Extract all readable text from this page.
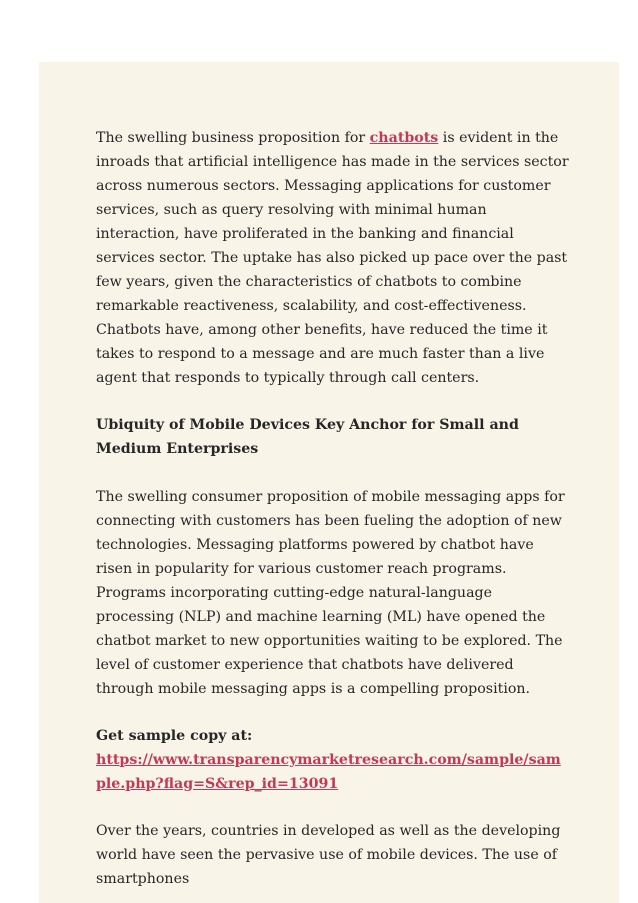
The swelling business proposition for chatbots is evident in the inroads that artificial intelligence has made in the services sector across numerous sectors. Messaging applications for customer services, such as query resolving with minimal human interaction, have proliferated in the banking and financial services sector. The uptake has also picked up pace over the past few years, given the characteristics of chatbots to combine remarkable reactiveness, scalability, and cost-effectiveness. Chatbots have, among other benefits, have reduced the time it takes to respond to a message and are much faster than a live agent that responds to typically through call centers.

Ubiquity of Mobile Devices Key Anchor for Small and Medium Enterprises

The swelling consumer proposition of mobile messaging apps for connecting with customers has been fueling the adoption of new technologies. Messaging platforms powered by chatbot have risen in popularity for various customer reach programs. Programs incorporating cutting-edge natural-language processing (NLP) and machine learning (ML) have opened the chatbot market to new opportunities waiting to be explored. The level of customer experience that chatbots have delivered through mobile messaging apps is a compelling proposition.

Get sample copy at:
https://www.transparencymarketresearch.com/sample/sample.php?flag=S&rep_id=13091

Over the years, countries in developed as well as the developing world have seen the pervasive use of mobile devices. The use of smartphones
